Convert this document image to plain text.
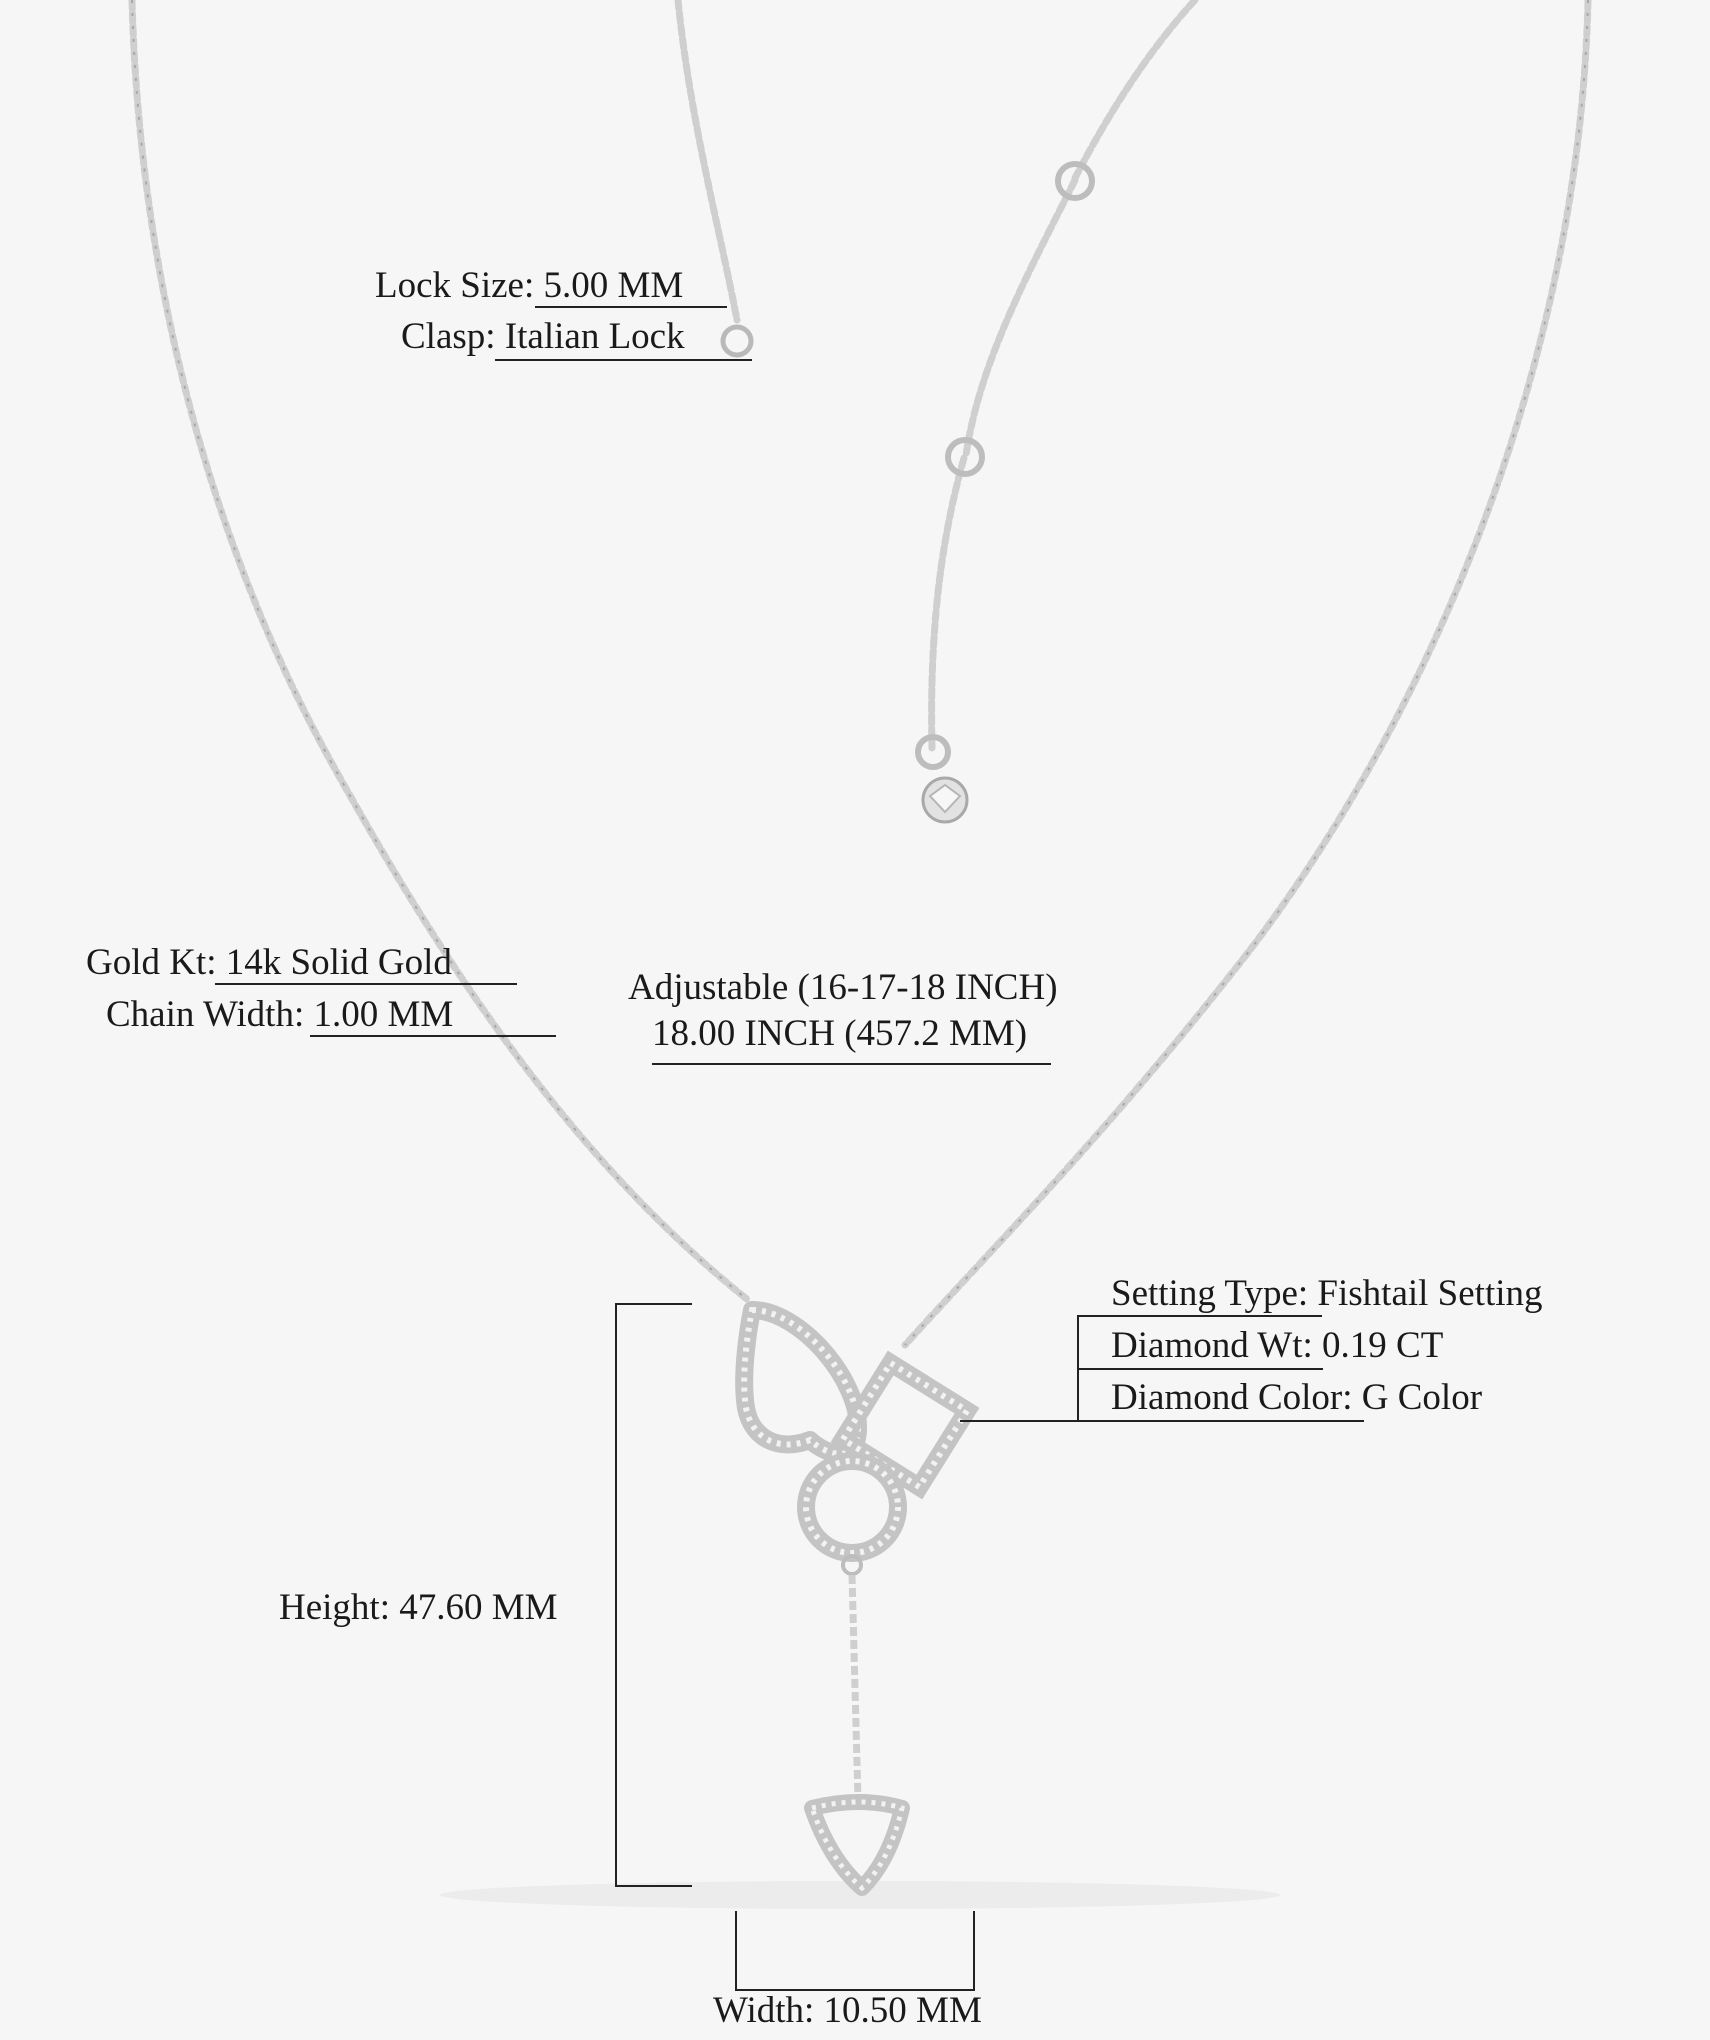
Lock Size: 5.00 MM
Clasp: Italian Lock
Gold Kt: 14k Solid Gold
Chain Width: 1.00 MM
Adjustable (16-17-18 INCH)
18.00 INCH (457.2 MM)
Setting Type: Fishtail Setting
Diamond Wt: 0.19 CT
Diamond Color: G Color
Height: 47.60 MM
Width: 10.50 MM
